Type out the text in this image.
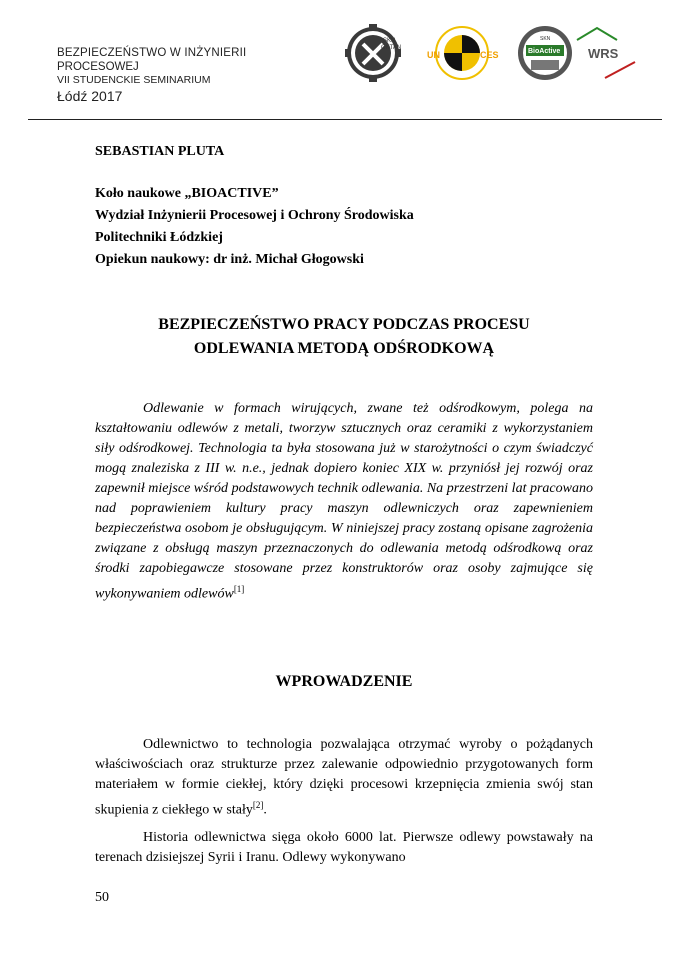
BEZPIECZEŃSTWO W INŻYNIERII
PROCESOWEJ
VII STUDENCKIE SEMINARIUM
Łódź 2017
SKN
OKTAN
UN	CES
SKN
BioActive WRS
SEBASTIAN PLUTA
Koło naukowe „BIOACTIVE”
Wydział Inżynierii Procesowej i Ochrony Środowiska
Politechniki Łódzkiej
Opiekun naukowy: dr inż. Michał Głogowski
BEZPIECZEŃSTWO PRACY PODCZAS PROCESU
ODLEWANIA METODĄ ODŚRODKOWĄ
Odlewanie w formach wirujących, zwane też odśrodkowym, polega na kształtowaniu odlewów z metali, tworzyw sztucznych oraz ceramiki z wykorzystaniem siły odśrodkowej. Technologia ta była stosowana już w starożytności o czym świadczyć mogą znaleziska z III w. n.e., jednak dopiero koniec XIX w. przyniósł jej rozwój oraz zapewnił miejsce wśród podstawowych technik odlewania. Na przestrzeni lat pracowano nad poprawieniem kultury pracy maszyn odlewniczych oraz zapewnieniem bezpieczeństwa osobom je obsługującym. W niniejszej pracy zostaną opisane zagrożenia związane z obsługą maszyn przeznaczonych do odlewania metodą odśrodkową oraz środki zapobiegawcze stosowane przez konstruktorów oraz osoby zajmujące się wykonywaniem odlewów[1]
WPROWADZENIE
Odlewnictwo to technologia pozwalająca otrzymać wyroby o pożądanych właściwościach oraz strukturze przez zalewanie odpowiednio przygotowanych form materiałem w formie ciekłej, który dzięki procesowi krzepnięcia zmienia swój stan skupienia z ciekłego w stały[2].
Historia odlewnictwa sięga około 6000 lat. Pierwsze odlewy powstawały na terenach dzisiejszej Syrii i Iranu. Odlewy wykonywano
50
